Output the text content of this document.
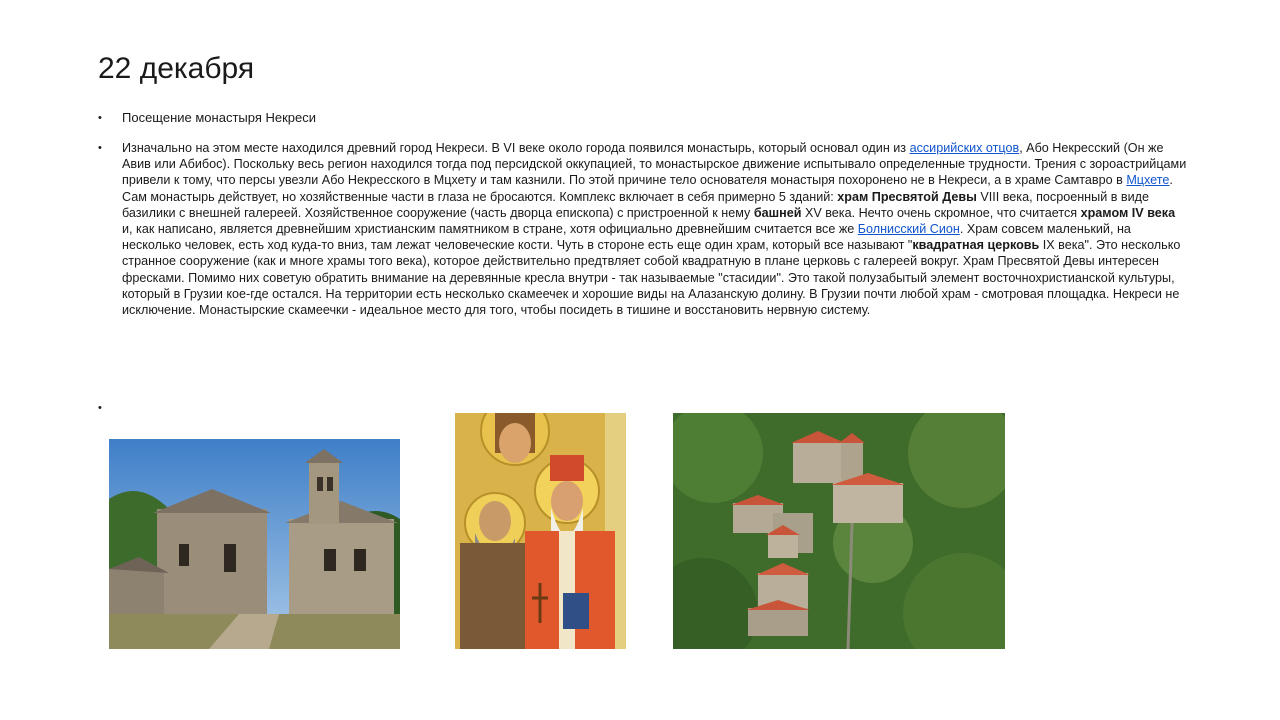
22 декабря
• Посещение монастыря Некреси
• Изначально на этом месте находился древний город Некреси. В VI веке около города появился монастырь, который основал один из ассирийских отцов, Або Некресский (Он же Авив или Абибос). Поскольку весь регион находился тогда под персидской оккупацией, то монастырское движение испытывало определенные трудности. Трения с зороастрийцами привели к тому, что персы увезли Або Некресского в Мцхету и там казнили. По этой причине тело основателя монастыря похоронено не в Некреси, а в храме Самтавро в Мцхете. Сам монастырь действует, но хозяйственные части в глаза не бросаются. Комплекс включает в себя примерно 5 зданий: храм Пресвятой Девы VIII века, посроенный в виде базилики с внешней галереей. Хозяйственное сооружение (часть дворца епископа) с пристроенной к нему башней XV века. Нечто очень скромное, что считается храмом IV века и, как написано, является древнейшим христианским памятником в стране, хотя официально древнейшим считается все же Болнисский Сион. Храм совсем маленький, на несколько человек, есть ход куда-то вниз, там лежат человеческие кости. Чуть в стороне есть еще один храм, который все называют "квадратная церковь IX века". Это несколько странное сооружение (как и многе храмы того века), которое действительно предтвляет собой квадратную в плане церковь с галереей вокруг. Храм Пресвятой Девы интересен фресками. Помимо них советую обратить внимание на деревянные кресла внутри - так называемые "стасидии". Это такой полузабытый элемент восточнохристианской культуры, который в Грузии кое-где остался. На территории есть несколько скамеечек и хорошие виды на Алазанскую долину. В Грузии почти любой храм - смотровая площадка. Некреси не исключение. Монастырские скамеечки - идеальное место для того, чтобы посидеть в тишине и восстановить нервную систему.
•
